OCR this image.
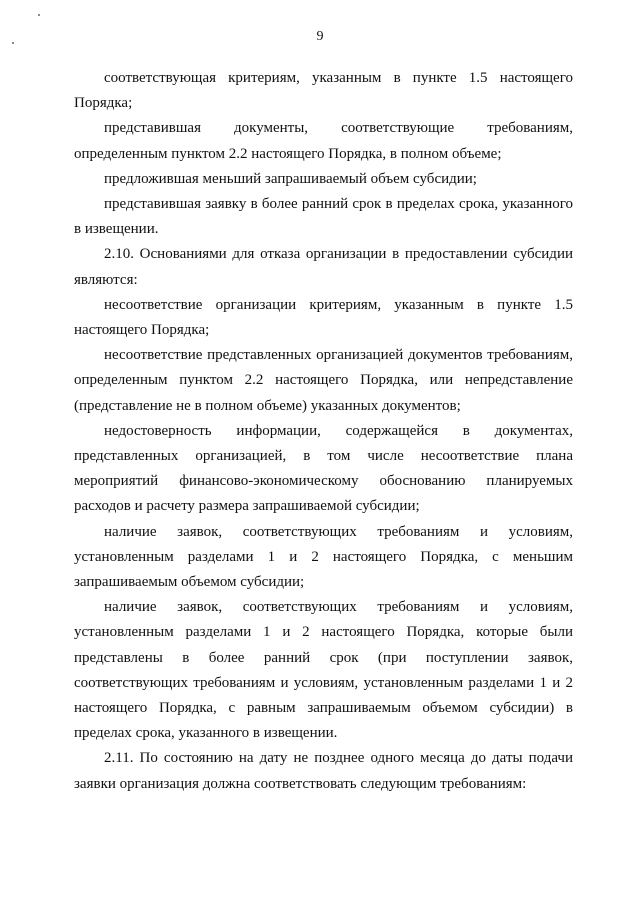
9

соответствующая критериям, указанным в пункте 1.5 настоящего Порядка;

представившая документы, соответствующие требованиям, определенным пунктом 2.2 настоящего Порядка, в полном объеме;

предложившая меньший запрашиваемый объем субсидии;

представившая заявку в более ранний срок в пределах срока, указанного в извещении.

2.10. Основаниями для отказа организации в предоставлении субсидии являются:

несоответствие организации критериям, указанным в пункте 1.5 настоящего Порядка;

несоответствие представленных организацией документов требованиям, определенным пунктом 2.2 настоящего Порядка, или непредставление (представление не в полном объеме) указанных документов;

недостоверность информации, содержащейся в документах, представленных организацией, в том числе несоответствие плана мероприятий финансово-экономическому обоснованию планируемых расходов и расчету размера запрашиваемой субсидии;

наличие заявок, соответствующих требованиям и условиям, установленным разделами 1 и 2 настоящего Порядка, с меньшим запрашиваемым объемом субсидии;

наличие заявок, соответствующих требованиям и условиям, установленным разделами 1 и 2 настоящего Порядка, которые были представлены в более ранний срок (при поступлении заявок, соответствующих требованиям и условиям, установленным разделами 1 и 2 настоящего Порядка, с равным запрашиваемым объемом субсидии) в пределах срока, указанного в извещении.

2.11. По состоянию на дату не позднее одного месяца до даты подачи заявки организация должна соответствовать следующим требованиям:
